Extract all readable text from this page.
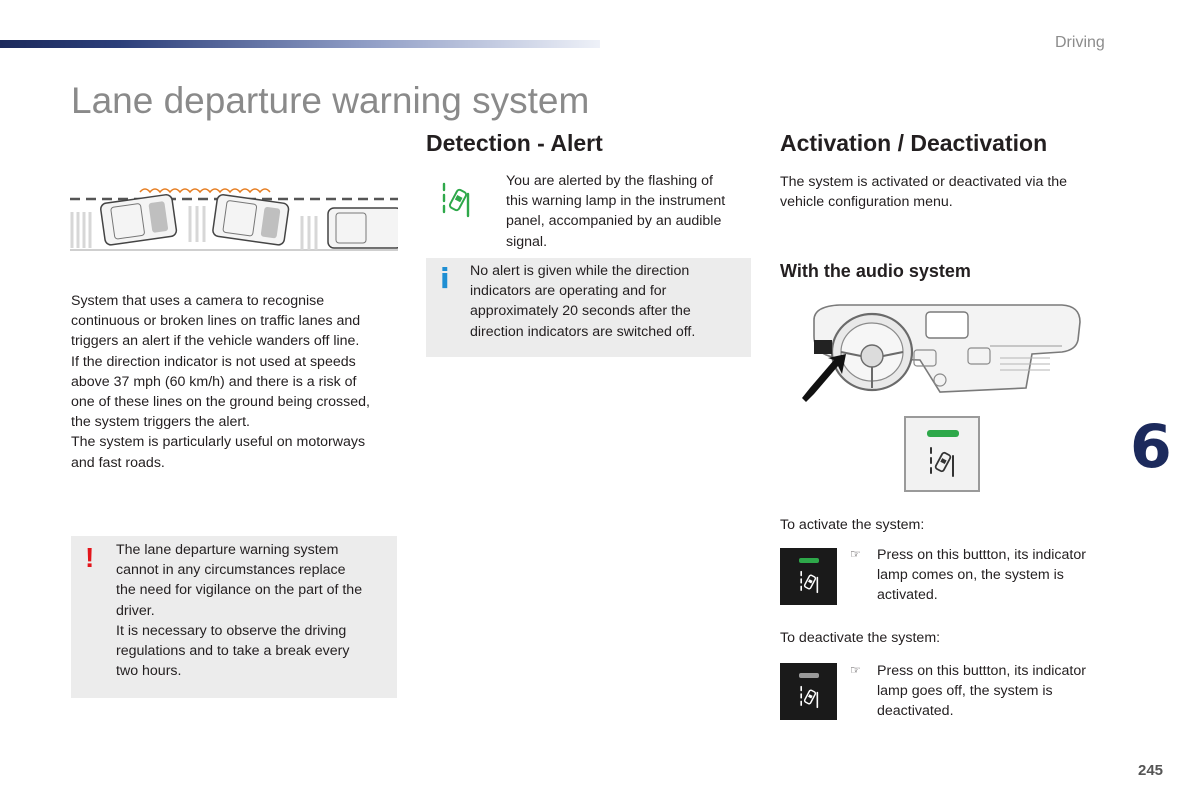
Driving
Lane departure warning system
System that uses a camera to recognise
continuous or broken lines on traffic lanes and
triggers an alert if the vehicle wanders off line.
If the direction indicator is not used at speeds
above 37 mph (60 km/h) and there is a risk of
one of these lines on the ground being crossed,
the system triggers the alert.
The system is particularly useful on motorways
and fast roads.
! The lane departure warning system
cannot in any circumstances replace
the need for vigilance on the part of the
driver.
It is necessary to observe the driving
regulations and to take a break every
two hours.
Detection - Alert
You are alerted by the flashing of
this warning lamp in the instrument
panel, accompanied by an audible
signal.
i No alert is given while the direction
indicators are operating and for
approximately 20 seconds after the
direction indicators are switched off.
Activation / Deactivation
The system is activated or deactivated via the
vehicle configuration menu.
With the audio system
6
To activate the system:
☞ Press on this buttton, its indicator
lamp comes on, the system is
activated.
To deactivate the system:
☞ Press on this buttton, its indicator
lamp goes off, the system is
deactivated.
245
